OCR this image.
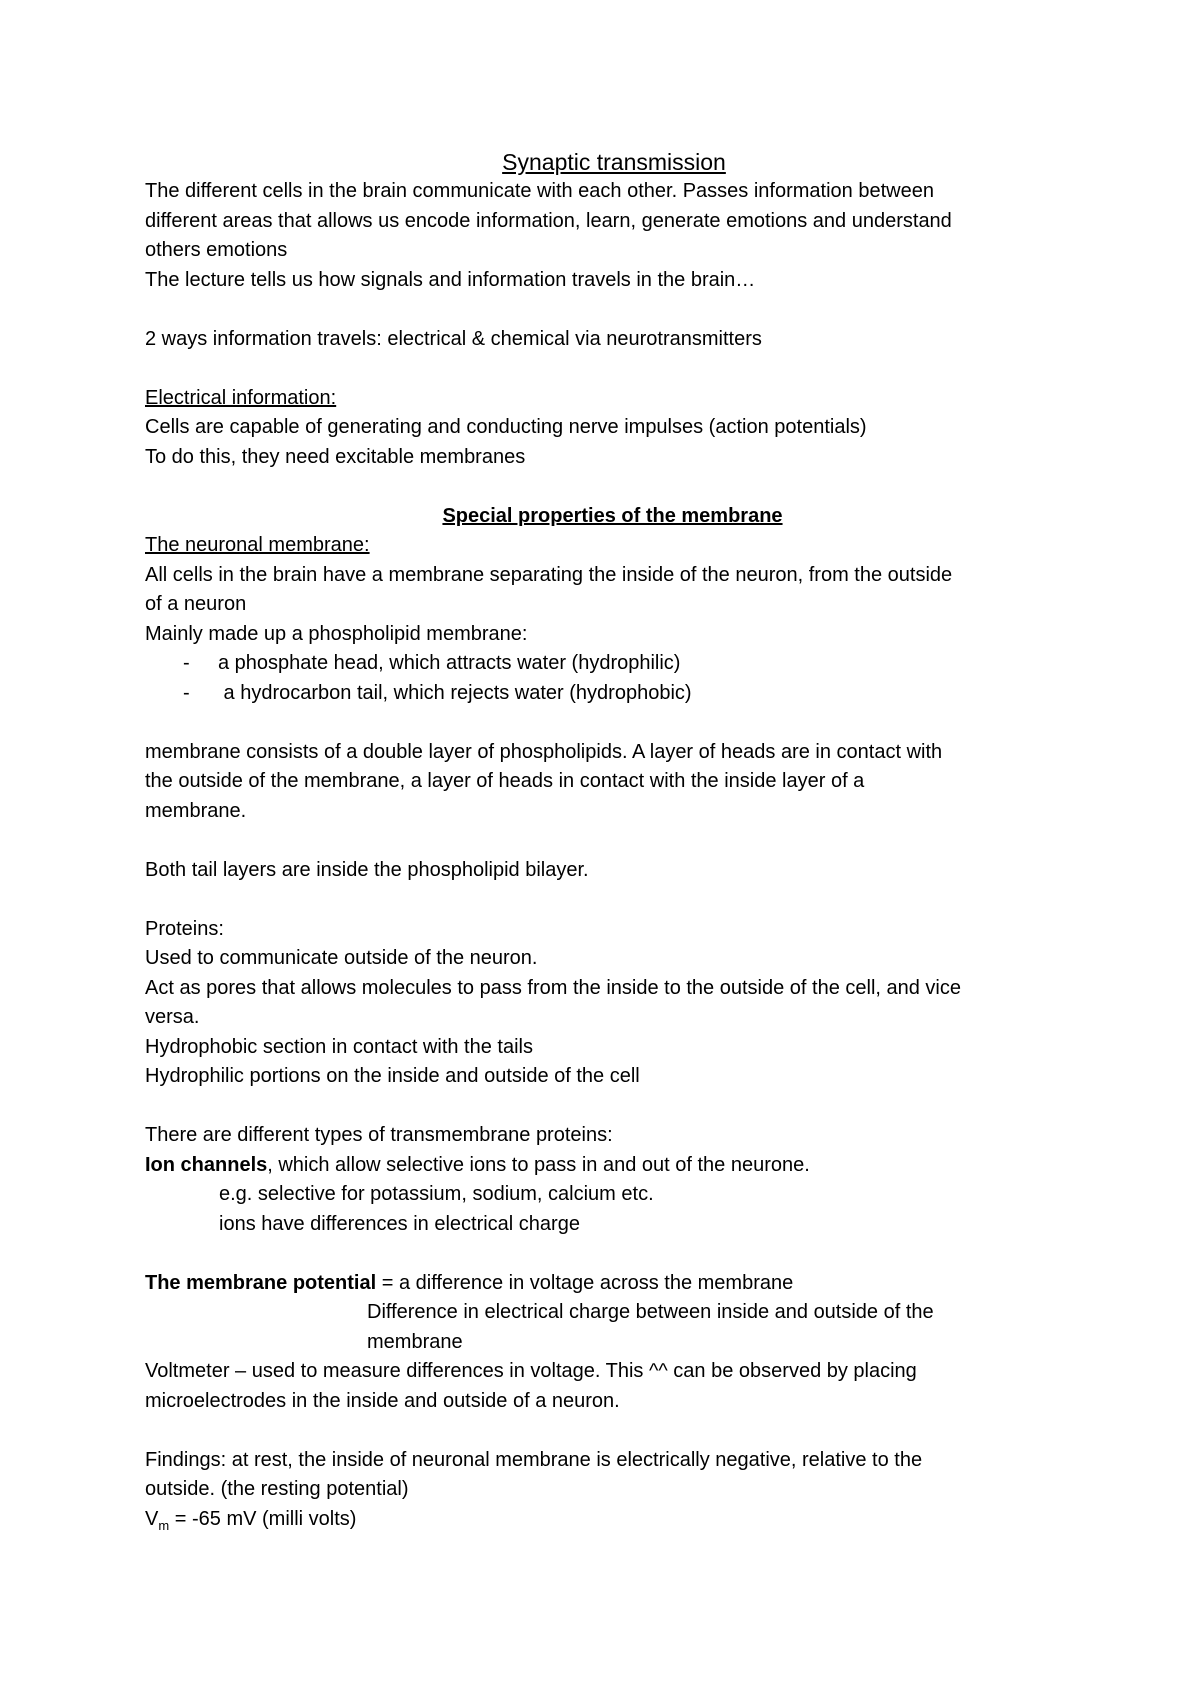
Synaptic transmission
The different cells in the brain communicate with each other. Passes information between
different areas that allows us encode information, learn, generate emotions and understand
others emotions
The lecture tells us how signals and information travels in the brain…
2 ways information travels: electrical & chemical via neurotransmitters
Electrical information:
Cells are capable of generating and conducting nerve impulses (action potentials)
To do this, they need excitable membranes
Special properties of the membrane
The neuronal membrane:
All cells in the brain have a membrane separating the inside of the neuron, from the outside
of a neuron
Mainly made up a phospholipid membrane:
- a phosphate head, which attracts water (hydrophilic)
- a hydrocarbon tail, which rejects water (hydrophobic)
membrane consists of a double layer of phospholipids. A layer of heads are in contact with
the outside of the membrane, a layer of heads in contact with the inside layer of a
membrane.
Both tail layers are inside the phospholipid bilayer.
Proteins:
Used to communicate outside of the neuron.
Act as pores that allows molecules to pass from the inside to the outside of the cell, and vice
versa.
Hydrophobic section in contact with the tails
Hydrophilic portions on the inside and outside of the cell
There are different types of transmembrane proteins:
Ion channels, which allow selective ions to pass in and out of the neurone.
e.g. selective for potassium, sodium, calcium etc.
ions have differences in electrical charge
The membrane potential = a difference in voltage across the membrane
Difference in electrical charge between inside and outside of the
membrane
Voltmeter – used to measure differences in voltage. This ^^ can be observed by placing
microelectrodes in the inside and outside of a neuron.
Findings: at rest, the inside of neuronal membrane is electrically negative, relative to the
outside. (the resting potential)
$V_m = -65$ mV (milli volts)
